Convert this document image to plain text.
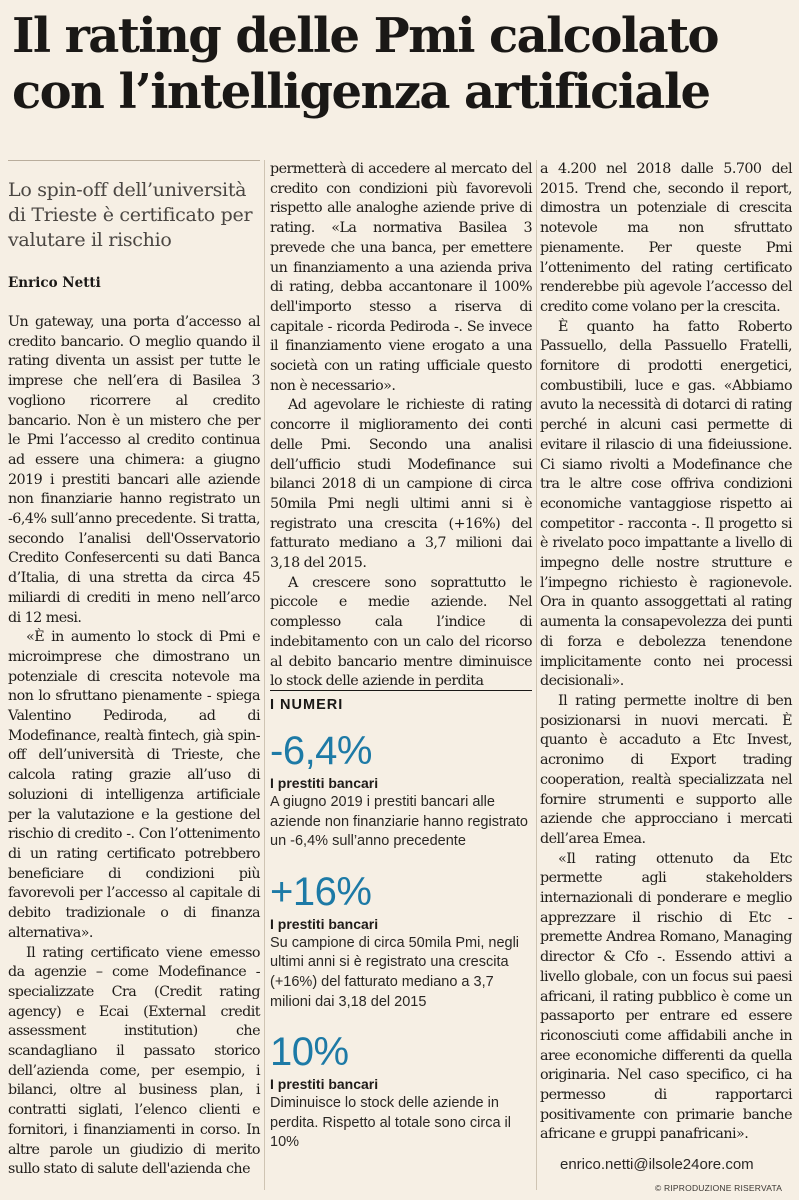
Il rating delle Pmi calcolato con l’intelligenza artificiale

Lo spin-off dell’università di Trieste è certificato per valutare il rischio

Enrico Netti

Un gateway, una porta d’accesso al credito bancario. O meglio quando il rating diventa un assist per tutte le imprese che nell’era di Basilea 3 vogliono ricorrere al credito bancario. Non è un mistero che per le Pmi l’accesso al credito continua ad essere una chimera: a giugno 2019 i prestiti bancari alle aziende non finanziarie hanno registrato un -6,4% sull’anno precedente. Si tratta, secondo l’analisi dell'Osservatorio Credito Confesercenti su dati Banca d’Italia, di una stretta da circa 45 miliardi di crediti in meno nell’arco di 12 mesi.

«È in aumento lo stock di Pmi e microimprese che dimostrano un potenziale di crescita notevole ma non lo sfruttano pienamente - spiega Valentino Pediroda, ad di Modefinance, realtà fintech, già spin-off dell’università di Trieste, che calcola rating grazie all’uso di soluzioni di intelligenza artificiale per la valutazione e la gestione del rischio di credito -. Con l’ottenimento di un rating certificato potrebbero beneficiare di condizioni più favorevoli per l’accesso al capitale di debito tradizionale o di finanza alternativa».

Il rating certificato viene emesso da agenzie – come Modefinance - specializzate Cra (Credit rating agency) e Ecai (External credit assessment institution) che scandagliano il passato storico dell’azienda come, per esempio, i bilanci, oltre al business plan, i contratti siglati, l’elenco clienti e fornitori, i finanziamenti in corso. In altre parole un giudizio di merito sullo stato di salute dell'azienda che

permetterà di accedere al mercato del credito con condizioni più favorevoli rispetto alle analoghe aziende prive di rating. «La normativa Basilea 3 prevede che una banca, per emettere un finanziamento a una azienda priva di rating, debba accantonare il 100% dell'importo stesso a riserva di capitale - ricorda Pediroda -. Se invece il finanziamento viene erogato a una società con un rating ufficiale questo non è necessario».

Ad agevolare le richieste di rating concorre il miglioramento dei conti delle Pmi. Secondo una analisi dell’ufficio studi Modefinance sui bilanci 2018 di un campione di circa 50mila Pmi negli ultimi anni si è registrato una crescita (+16%) del fatturato mediano a 3,7 milioni dai 3,18 del 2015.

A crescere sono soprattutto le piccole e medie aziende. Nel complesso cala l’indice di indebitamento con un calo del ricorso al debito bancario mentre diminuisce lo stock delle aziende in perdita

I NUMERI
-6,4%
I prestiti bancari
A giugno 2019 i prestiti bancari alle aziende non finanziarie hanno registrato un -6,4% sull’anno precedente
+16%
I prestiti bancari
Su campione di circa 50mila Pmi, negli ultimi anni si è registrato una crescita (+16%) del fatturato mediano a 3,7 milioni dai 3,18 del 2015
10%
I prestiti bancari
Diminuisce lo stock delle aziende in perdita. Rispetto al totale sono circa il 10%

a 4.200 nel 2018 dalle 5.700 del 2015. Trend che, secondo il report, dimostra un potenziale di crescita notevole ma non sfruttato pienamente. Per queste Pmi l’ottenimento del rating certificato renderebbe più agevole l’accesso del credito come volano per la crescita.

È quanto ha fatto Roberto Passuello, della Passuello Fratelli, fornitore di prodotti energetici, combustibili, luce e gas. «Abbiamo avuto la necessità di dotarci di rating perché in alcuni casi permette di evitare il rilascio di una fideiussione. Ci siamo rivolti a Modefinance che tra le altre cose offriva condizioni economiche vantaggiose rispetto ai competitor - racconta -. Il progetto si è rivelato poco impattante a livello di impegno delle nostre strutture e l’impegno richiesto è ragionevole. Ora in quanto assoggettati al rating aumenta la consapevolezza dei punti di forza e debolezza tenendone implicitamente conto nei processi decisionali».

Il rating permette inoltre di ben posizionarsi in nuovi mercati. È quanto è accaduto a Etc Invest, acronimo di Export trading cooperation, realtà specializzata nel fornire strumenti e supporto alle aziende che approcciano i mercati dell’area Emea.

«Il rating ottenuto da Etc permette agli stakeholders internazionali di ponderare e meglio apprezzare il rischio di Etc - premette Andrea Romano, Managing director & Cfo -. Essendo attivi a livello globale, con un focus sui paesi africani, il rating pubblico è come un passaporto per entrare ed essere riconosciuti come affidabili anche in aree economiche differenti da quella originaria. Nel caso specifico, ci ha permesso di rapportarci positivamente con primarie banche africane e gruppi panafricani».

enrico.netti@ilsole24ore.com
© RIPRODUZIONE RISERVATA
